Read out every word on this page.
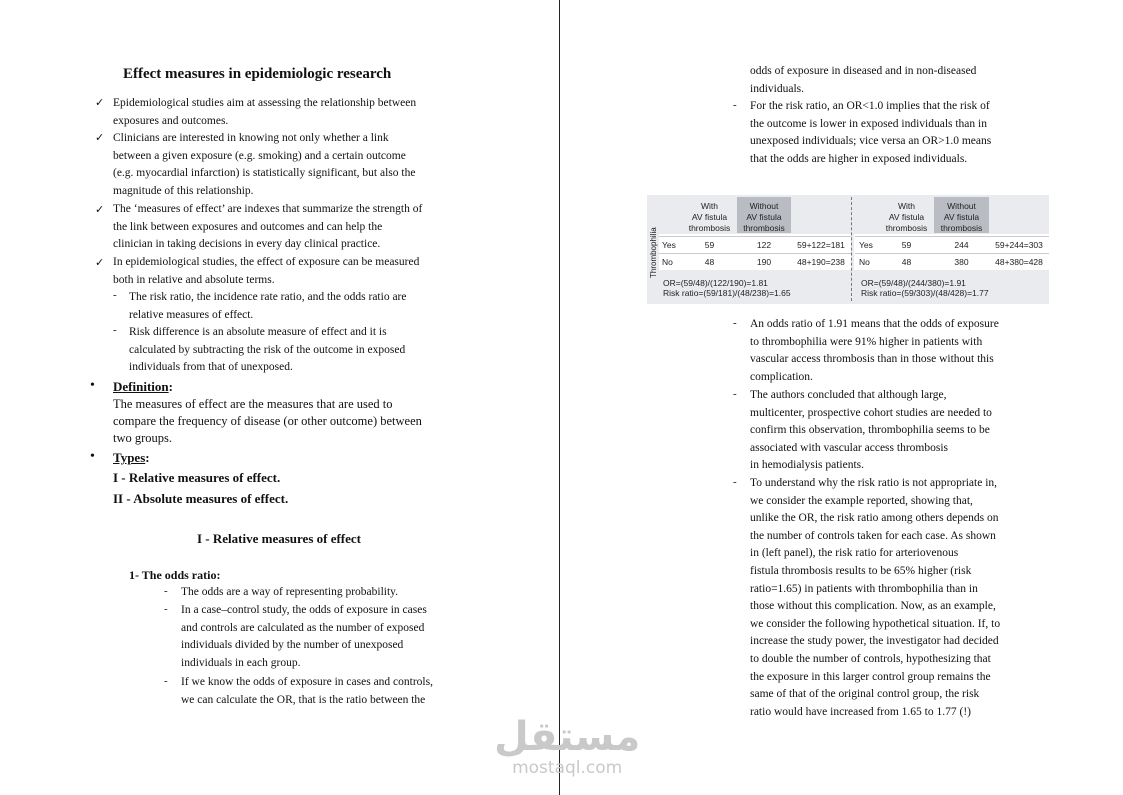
Effect measures in epidemiologic research
✓ Epidemiological studies aim at assessing the relationship between
exposures and outcomes.
✓ Clinicians are interested in knowing not only whether a link
between a given exposure (e.g. smoking) and a certain outcome
(e.g. myocardial infarction) is statistically significant, but also the
magnitude of this relationship.
✓ The ‘measures of effect’ are indexes that summarize the strength of
the link between exposures and outcomes and can help the
clinician in taking decisions in every day clinical practice.
✓ In epidemiological studies, the effect of exposure can be measured
both in relative and absolute terms.
- The risk ratio, the incidence rate ratio, and the odds ratio are
relative measures of effect.
- Risk difference is an absolute measure of effect and it is
calculated by subtracting the risk of the outcome in exposed
individuals from that of unexposed.
• Definition:
The measures of effect are the measures that are used to
compare the frequency of disease (or other outcome) between
two groups.
• Types:
I - Relative measures of effect.
II - Absolute measures of effect.
I - Relative measures of effect
1- The odds ratio:
- The odds are a way of representing probability.
- In a case–control study, the odds of exposure in cases
and controls are calculated as the number of exposed
individuals divided by the number of unexposed
individuals in each group.
- If we know the odds of exposure in cases and controls,
we can calculate the OR, that is the ratio between the
odds of exposure in diseased and in non-diseased
individuals.
- For the risk ratio, an OR<1.0 implies that the risk of
the outcome is lower in exposed individuals than in
unexposed individuals; vice versa an OR>1.0 means
that the odds are higher in exposed individuals.
Thrombophilia
With
AV fistula
thrombosis
Without
AV fistula
thrombosis
Yes	59	122	59+122=181
No	48	190	48+190=238
OR=(59/48)/(122/190)=1.81
Risk ratio=(59/181)/(48/238)=1.65
With
AV fistula
thrombosis
Without
AV fistula
thrombosis
Yes	59	244	59+244=303
No	48	380	48+380=428
OR=(59/48)/(244/380)=1.91
Risk ratio=(59/303)/(48/428)=1.77
- An odds ratio of 1.91 means that the odds of exposure
to thrombophilia were 91% higher in patients with
vascular access thrombosis than in those without this
complication.
- The authors concluded that although large,
multicenter, prospective cohort studies are needed to
confirm this observation, thrombophilia seems to be
associated with vascular access thrombosis
in hemodialysis patients.
- To understand why the risk ratio is not appropriate in,
we consider the example reported, showing that,
unlike the OR, the risk ratio among others depends on
the number of controls taken for each case. As shown
in (left panel), the risk ratio for arteriovenous
fistula thrombosis results to be 65% higher (risk
ratio=1.65) in patients with thrombophilia than in
those without this complication. Now, as an example,
we consider the following hypothetical situation. If, to
increase the study power, the investigator had decided
to double the number of controls, hypothesizing that
the exposure in this larger control group remains the
same of that of the original control group, the risk
ratio would have increased from 1.65 to 1.77 (!)
مستقل
mostaql.com
